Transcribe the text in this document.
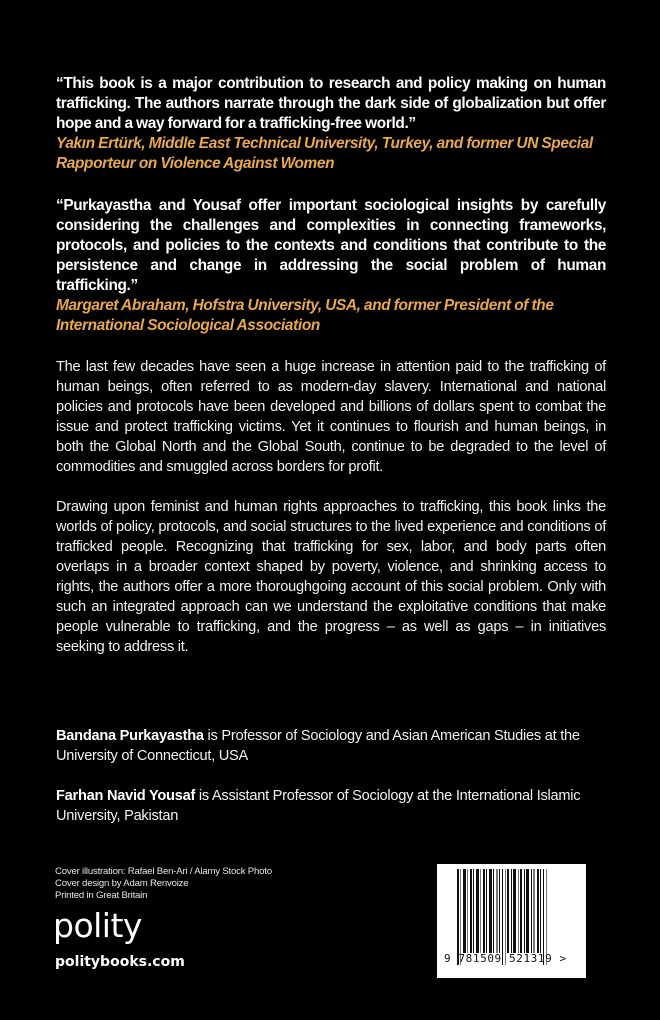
“This book is a major contribution to research and policy making on human trafficking. The authors narrate through the dark side of globalization but offer hope and a way forward for a trafficking-free world.”
Yakın Ertürk, Middle East Technical University, Turkey, and former UN Special Rapporteur on Violence Against Women
“Purkayastha and Yousaf offer important sociological insights by carefully considering the challenges and complexities in connecting frameworks, protocols, and policies to the contexts and conditions that contribute to the persistence and change in addressing the social problem of human trafficking.”
Margaret Abraham, Hofstra University, USA, and former President of the International Sociological Association

The last few decades have seen a huge increase in attention paid to the trafficking of human beings, often referred to as modern-day slavery. International and national policies and protocols have been developed and billions of dollars spent to combat the issue and protect trafficking victims. Yet it continues to flourish and human beings, in both the Global North and the Global South, continue to be degraded to the level of commodities and smuggled across borders for profit.

Drawing upon feminist and human rights approaches to trafficking, this book links the worlds of policy, protocols, and social structures to the lived experience and conditions of trafficked people. Recognizing that trafficking for sex, labor, and body parts often overlaps in a broader context shaped by poverty, violence, and shrinking access to rights, the authors offer a more thoroughgoing account of this social problem. Only with such an integrated approach can we understand the exploitative conditions that make people vulnerable to trafficking, and the progress – as well as gaps – in initiatives seeking to address it.

Bandana Purkayastha is Professor of Sociology and Asian American Studies at the University of Connecticut, USA

Farhan Navid Yousaf is Assistant Professor of Sociology at the International Islamic University, Pakistan

Cover illustration: Rafael Ben-Ari / Alamy Stock Photo
Cover design by Adam Renvoize
Printed in Great Britain
polity
politybooks.com	9 781509 521319 >
